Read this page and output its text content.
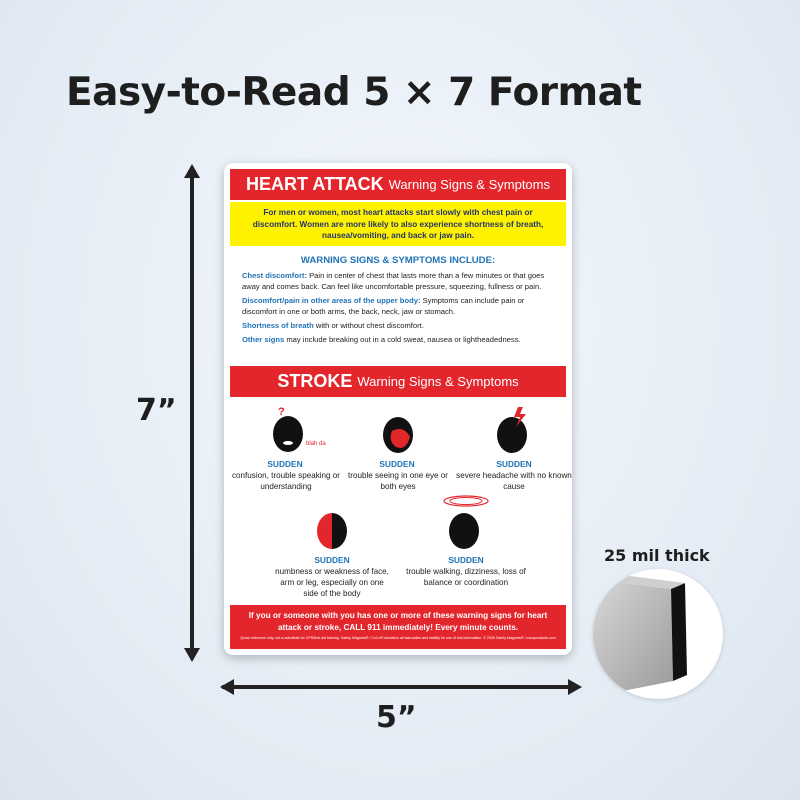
Easy-to-Read 5 × 7 Format
7”
5”
25 mil thick
HEART ATTACK Warning Signs & Symptoms
For men or women, most heart attacks start slowly with chest pain or discomfort. Women are more likely to also experience shortness of breath, nausea/vomiting, and back or jaw pain.
WARNING SIGNS & SYMPTOMS INCLUDE:

Chest discomfort: Pain in center of chest that lasts more than a few minutes or that goes away and comes back. Can feel like uncomfortable pressure, squeezing, fullness or pain.

Discomfort/pain in other areas of the upper body: Symptoms can include pain or discomfort in one or both arms, the back, neck, jaw or stomach.

Shortness of breath with or without chest discomfort.

Other signs may include breaking out in a cold sweat, nausea or lightheadedness.

STROKE Warning Signs & Symptoms
?
blah da
SUDDEN
confusion, trouble speaking or understanding
SUDDEN
trouble seeing in one eye or both eyes
SUDDEN
severe headache with no known cause
SUDDEN
numbness or weakness of face, arm or leg, especially on one side of the body
SUDDEN
trouble walking, dizziness, loss of balance or coordination
If you or someone with you has one or more of these warning signs for heart attack or stroke, CALL 911 immediately! Every minute counts.
Quick reference only; not a substitute for CPR/first aid training. Safety Magnets® / CoCo® disclaims all warranties and liability for use of this information. © 2026 Safety Magnets® / cocoproducts.com
